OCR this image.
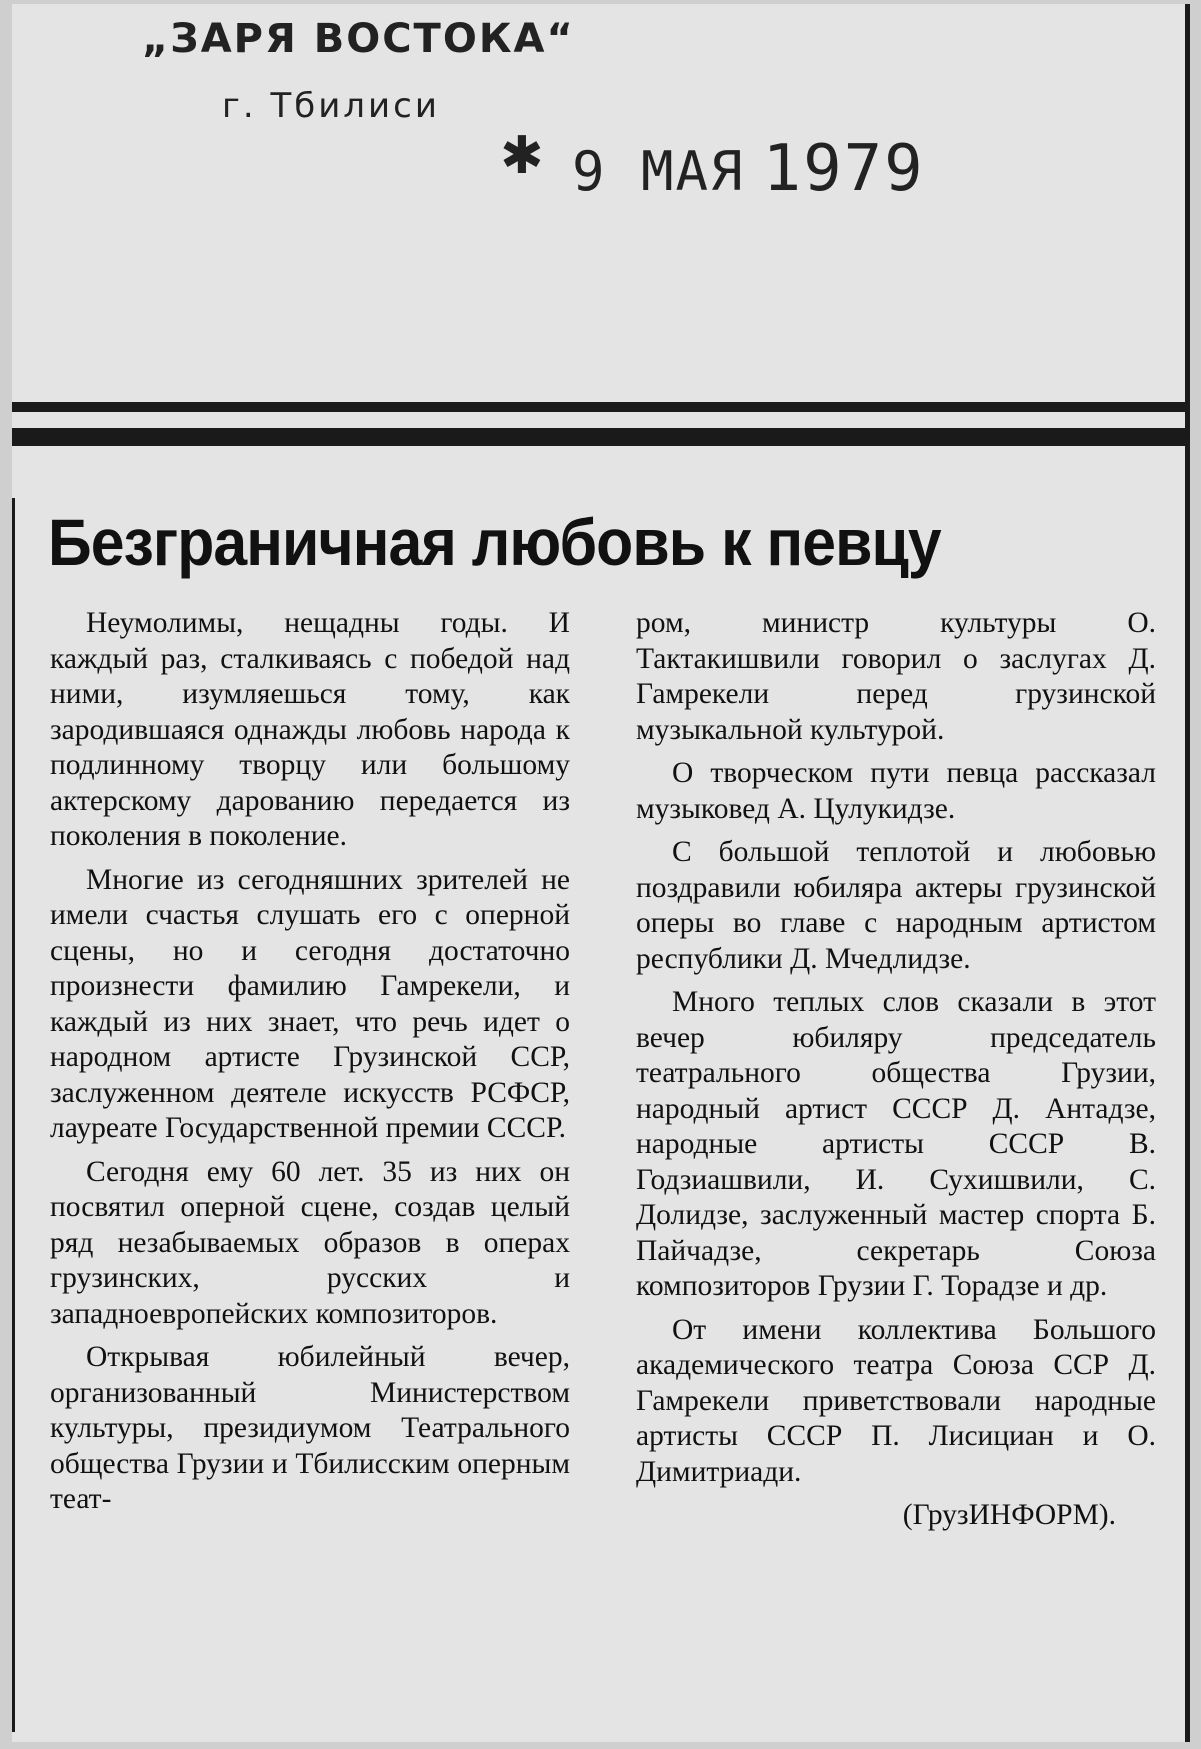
„ЗАРЯ ВОСТОКА“
г. Тбилиси
✱ 9 МАЯ 1979
Безграничная любовь к певцу

Неумолимы, нещадны годы. И каждый раз, сталкиваясь с победой над ними, изумляешься тому, как зародившаяся однажды любовь народа к подлинному творцу или большому актерскому дарованию передается из поколения в поколение.

Многие из сегодняшних зрителей не имели счастья слушать его с оперной сцены, но и сегодня достаточно произнести фамилию Гамрекели, и каждый из них знает, что речь идет о народном артисте Грузинской ССР, заслуженном деятеле искусств РСФСР, лауреате Государственной премии СССР.

Сегодня ему 60 лет. 35 из них он посвятил оперной сцене, создав целый ряд незабываемых образов в операх грузинских, русских и западноевропейских композиторов.

Открывая юбилейный вечер, организованный Министерством культуры, президиумом Театрального общества Грузии и Тбилисским оперным теат-

ром, министр культуры О. Тактакишвили говорил о заслугах Д. Гамрекели перед грузинской музыкальной культурой.

О творческом пути певца рассказал музыковед А. Цулукидзе.

С большой теплотой и любовью поздравили юбиляра актеры грузинской оперы во главе с народным артистом республики Д. Мчедлидзе.

Много теплых слов сказали в этот вечер юбиляру председатель театрального общества Грузии, народный артист СССР Д. Антадзе, народные артисты СССР В. Годзиашвили, И. Сухишвили, С. Долидзе, заслуженный мастер спорта Б. Пайчадзе, секретарь Союза композиторов Грузии Г. Торадзе и др.

От имени коллектива Большого академического театра Союза ССР Д. Гамрекели приветствовали народные артисты СССР П. Лисициан и О. Димитриади.

(ГрузИНФОРМ).
